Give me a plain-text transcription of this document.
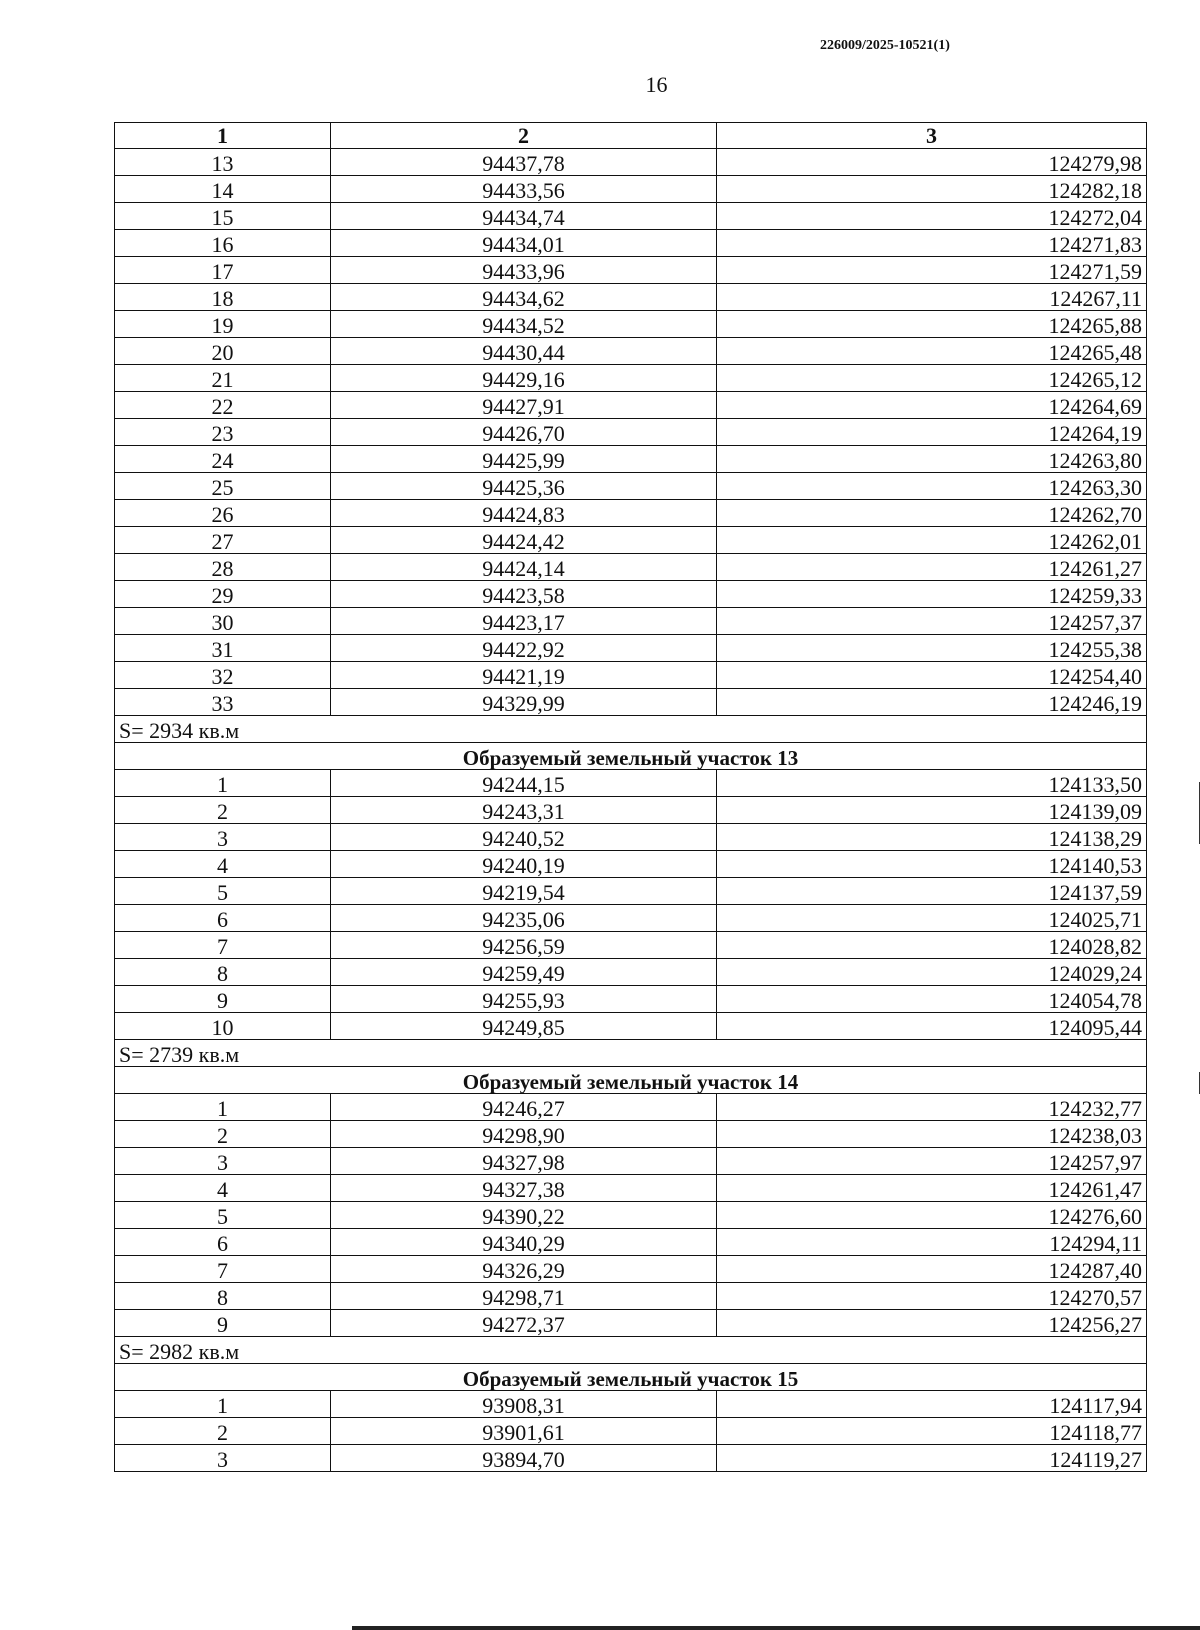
226009/2025-10521(1)
16
1	2	3
13	94437,78	124279,98
14	94433,56	124282,18
15	94434,74	124272,04
16	94434,01	124271,83
17	94433,96	124271,59
18	94434,62	124267,11
19	94434,52	124265,88
20	94430,44	124265,48
21	94429,16	124265,12
22	94427,91	124264,69
23	94426,70	124264,19
24	94425,99	124263,80
25	94425,36	124263,30
26	94424,83	124262,70
27	94424,42	124262,01
28	94424,14	124261,27
29	94423,58	124259,33
30	94423,17	124257,37
31	94422,92	124255,38
32	94421,19	124254,40
33	94329,99	124246,19
S= 2934 кв.м		
Образуемый земельный участок 13		
1	94244,15	124133,50
2	94243,31	124139,09
3	94240,52	124138,29
4	94240,19	124140,53
5	94219,54	124137,59
6	94235,06	124025,71
7	94256,59	124028,82
8	94259,49	124029,24
9	94255,93	124054,78
10	94249,85	124095,44
S= 2739 кв.м		
Образуемый земельный участок 14		
1	94246,27	124232,77
2	94298,90	124238,03
3	94327,98	124257,97
4	94327,38	124261,47
5	94390,22	124276,60
6	94340,29	124294,11
7	94326,29	124287,40
8	94298,71	124270,57
9	94272,37	124256,27
S= 2982 кв.м		
Образуемый земельный участок 15		
1	93908,31	124117,94
2	93901,61	124118,77
3	93894,70	124119,27
